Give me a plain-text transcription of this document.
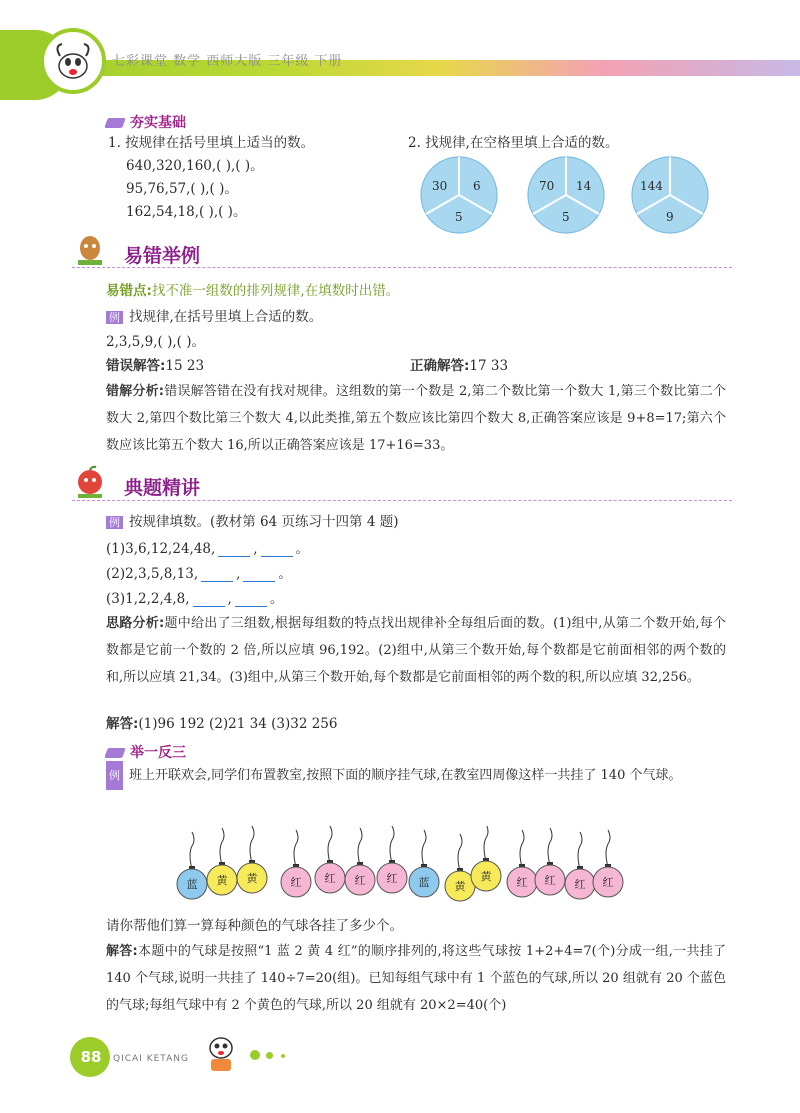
七彩课堂 数学 西师大版 三年级 下册
夯实基础
1. 按规律在括号里填上适当的数。
640,320,160,( ),( )。
95,76,57,( ),( )。
162,54,18,( ),( )。
2. 找规律,在空格里填上合适的数。
30 6
5
70 14
5
144
9
易错举例
易错点:找不准一组数的排列规律,在填数时出错。
例 找规律,在括号里填上合适的数。
2,3,5,9,( ),( )。
错误解答:15 23	正确解答:17 33
错解分析:错误解答错在没有找对规律。这组数的第一个数是 2,第二个数比第一个数大 1,第三个数比第二个数大 2,第四个数比第三个数大 4,以此类推,第五个数应该比第四个数大 8,正确答案应该是 9+8=17;第六个数应该比第五个数大 16,所以正确答案应该是 17+16=33。
典题精讲
例 按规律填数。(教材第 64 页练习十四第 4 题)
(1)3,6,12,24,48,	,	。
(2)2,3,5,8,13,	,	。
(3)1,2,2,4,8,	,	。
思路分析:题中给出了三组数,根据每组数的特点找出规律补全每组后面的数。(1)组中,从第二个数开始,每个数都是它前一个数的 2 倍,所以应填 96,192。(2)组中,从第三个数开始,每个数都是它前面相邻的两个数的和,所以应填 21,34。(3)组中,从第三个数开始,每个数都是它前面相邻的两个数的积,所以应填 32,256。
解答:(1)96 192 (2)21 34 (3)32 256
举一反三
例 班上开联欢会,同学们布置教室,按照下面的顺序挂气球,在教室四周像这样一共挂了 140 个气球。
蓝 黄 黄	红 红 红 红 蓝 黄
黄 红 红 红 红
请你帮他们算一算每种颜色的气球各挂了多少个。
解答:本题中的气球是按照“1 蓝 2 黄 4 红”的顺序排列的,将这些气球按 1+2+4=7(个)分成一组,一共挂了 140 个气球,说明一共挂了 140÷7=20(组)。已知每组气球中有 1 个蓝色的气球,所以 20 组就有 20 个蓝色的气球;每组气球中有 2 个黄色的气球,所以 20 组就有 20×2=40(个)
88 QICAI KETANG
